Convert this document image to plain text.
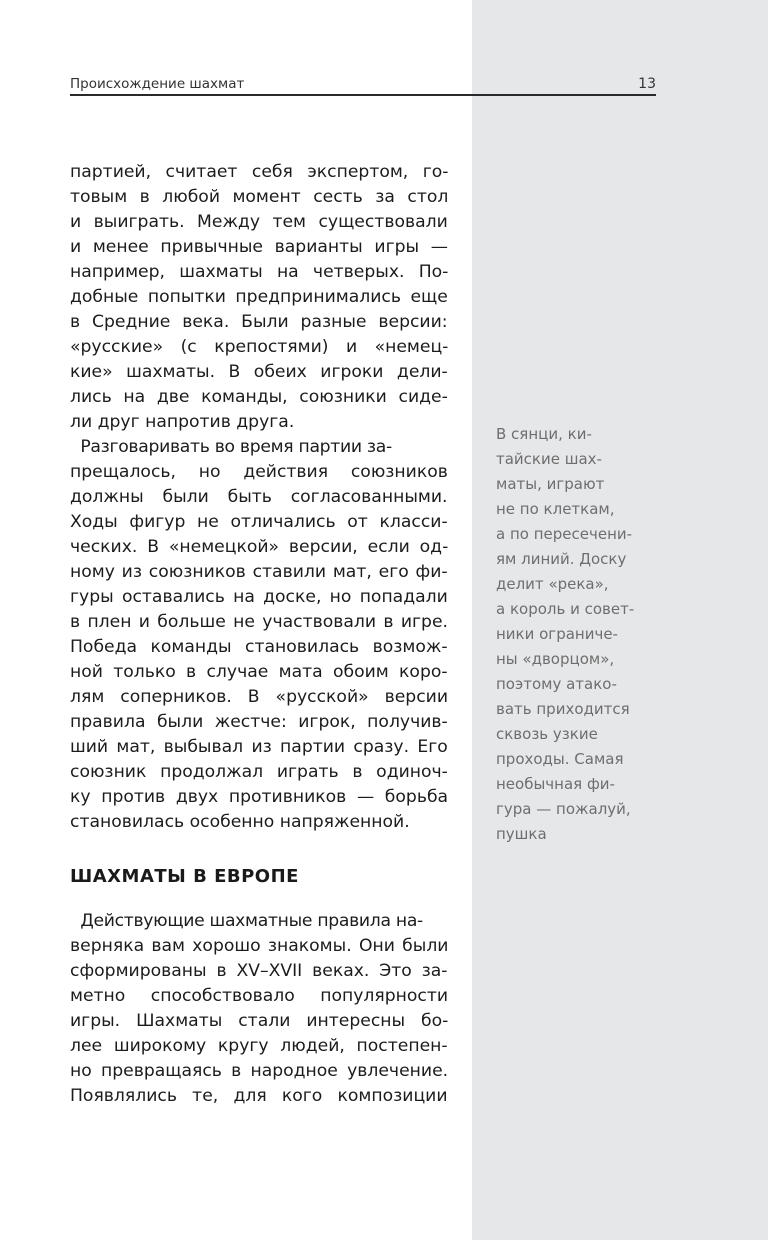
Происхождение шахмат	13
партией, считает себя экспертом, го-
товым в любой момент сесть за стол
и выиграть. Между тем существовали
и менее привычные варианты игры —
например, шахматы на четверых. По-
добные попытки предпринимались еще
в Средние века. Были разные версии:
«русские» (с крепостями) и «немец-
кие» шахматы. В обеих игроки дели-
лись на две команды, союзники сиде-
ли друг напротив друга.
Разговаривать во время партии за-
прещалось, но действия союзников
должны были быть согласованными.
Ходы фигур не отличались от класси-
ческих. В «немецкой» версии, если од-
ному из союзников ставили мат, его фи-
гуры оставались на доске, но попадали
в плен и больше не участвовали в игре.
Победа команды становилась возмож-
ной только в случае мата обоим коро-
лям соперников. В «русской» версии
правила были жестче: игрок, получив-
ший мат, выбывал из партии сразу. Его
союзник продолжал играть в одиноч-
ку против двух противников — борьба
становилась особенно напряженной.
ШАХМАТЫ В ЕВРОПЕ
Действующие шахматные правила на-
верняка вам хорошо знакомы. Они были
сформированы в XV–XVII веках. Это за-
метно способствовало популярности
игры. Шахматы стали интересны бо-
лее широкому кругу людей, постепен-
но превращаясь в народное увлечение.
Появлялись те, для кого композиции
В сянци, ки-
тайские шах-
маты, играют
не по клеткам,
а по пересечени-
ям линий. Доску
делит «река»,
а король и совет-
ники ограниче-
ны «дворцом»,
поэтому атако-
вать приходится
сквозь узкие
проходы. Самая
необычная фи-
гура — пожалуй,
пушка
